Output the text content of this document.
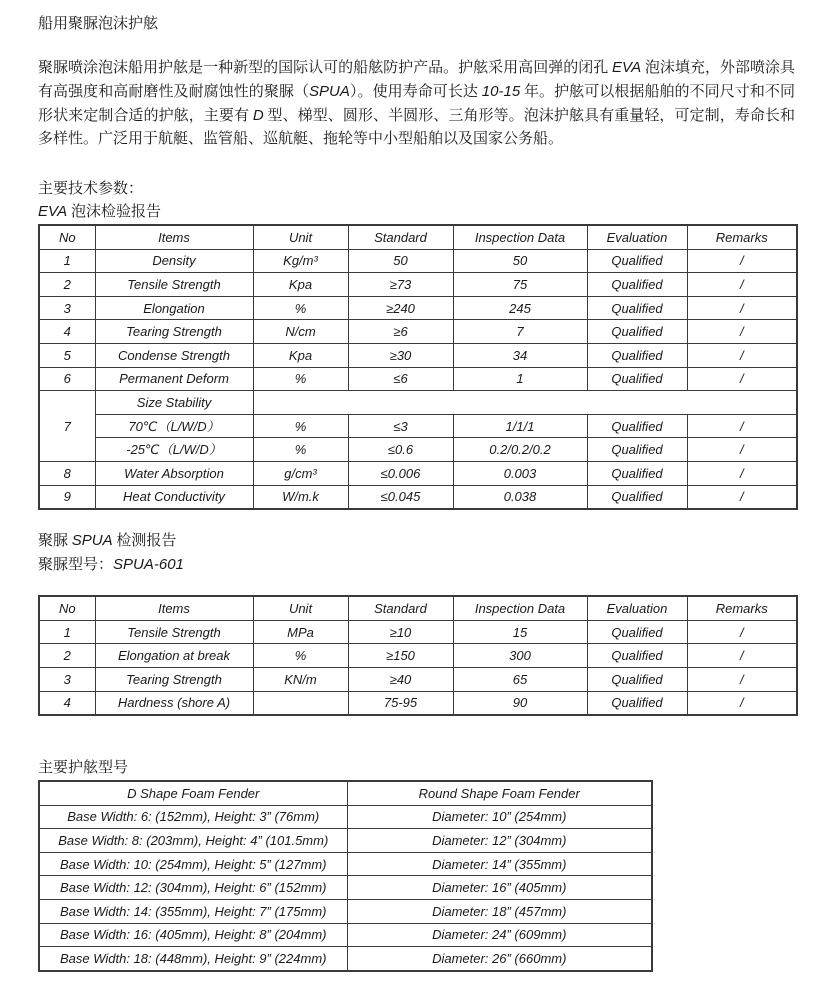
船用聚脲泡沫护舷

聚脲喷涂泡沫船用护舷是一种新型的国际认可的船舷防护产品。护舷采用高回弹的闭孔 EVA 泡沫填充，外部喷涂具有高强度和高耐磨性及耐腐蚀性的聚脲（SPUA）。使用寿命可长达 10-15 年。护舷可以根据船舶的不同尺寸和不同形状来定制合适的护舷，主要有 D 型、梯型、圆形、半圆形、三角形等。泡沫护舷具有重量轻，可定制，寿命长和多样性。广泛用于航艇、监管船、巡航艇、拖轮等中小型船舶以及国家公务船。

主要技术参数：
EVA 泡沫检验报告
No	Items	Unit	Standard	Inspection Data	Evaluation	Remarks
1	Density	Kg/m³	50	50	Qualified	/
2	Tensile Strength	Kpa	≥73	75	Qualified	/
3	Elongation	%	≥240	245	Qualified	/
4	Tearing Strength	N/cm	≥6	7	Qualified	/
5	Condense Strength	Kpa	≥30	34	Qualified	/
6	Permanent Deform	%	≤6	1	Qualified	/
7	Size Stability					
	70℃（L/W/D）	%	≤3	1/1/1	Qualified	/
	-25℃（L/W/D）	%	≤0.6	0.2/0.2/0.2	Qualified	/
8	Water Absorption	g/cm³	≤0.006	0.003	Qualified	/
9	Heat Conductivity	W/m.k	≤0.045	0.038	Qualified	/
聚脲 SPUA 检测报告
聚脲型号：SPUA-601
No	Items	Unit	Standard	Inspection Data	Evaluation	Remarks
1	Tensile Strength	MPa	≥10	15	Qualified	/
2	Elongation at break	%	≥150	300	Qualified	/
3	Tearing Strength	KN/m	≥40	65	Qualified	/
4	Hardness (shore A)		75-95	90	Qualified	/
主要护舷型号
D Shape Foam Fender	Round Shape Foam Fender
Base Width: 6: (152mm), Height: 3” (76mm)	Diameter: 10” (254mm)
Base Width: 8: (203mm), Height: 4” (101.5mm)	Diameter: 12” (304mm)
Base Width: 10: (254mm), Height: 5” (127mm)	Diameter: 14” (355mm)
Base Width: 12: (304mm), Height: 6” (152mm)	Diameter: 16” (405mm)
Base Width: 14: (355mm), Height: 7” (175mm)	Diameter: 18” (457mm)
Base Width: 16: (405mm), Height: 8” (204mm)	Diameter: 24” (609mm)
Base Width: 18: (448mm), Height: 9” (224mm)	Diameter: 26” (660mm)
